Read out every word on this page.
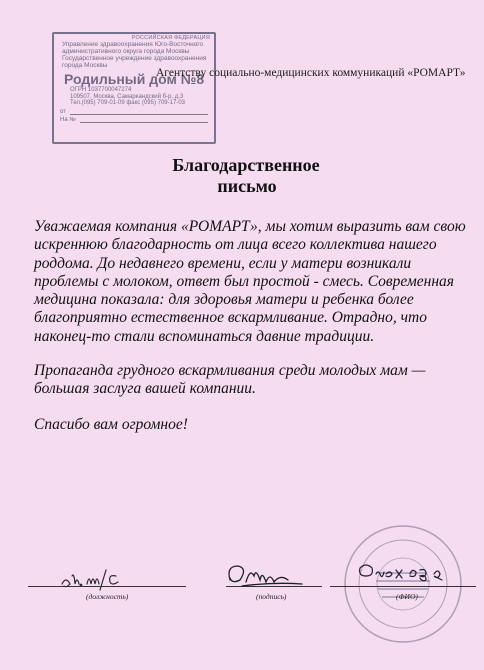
РОССИЙСКАЯ ФЕДЕРАЦИЯ
Управление здравоохранения Юго-Восточного
административного округа города Москвы
Государственное учреждение здравоохранения
города Москвы
Родильный дом №8
ОГРН 1037700047274
109507, Москва, Самаркандский б-р, д.3
Тел.(095) 709-01-09 факс (095) 709-17-03
от
На №
Агентству социально-медицинских коммуникаций «РОМАРТ»
Благодарственное
письмо

Уважаемая компания «РОМАРТ», мы хотим выразить вам свою искреннюю благодарность от лица всего коллектива нашего роддома. До недавнего времени, если у матери возникали проблемы с молоком, ответ был простой - смесь. Современная медицина показала: для здоровья матери и ребенка более благоприятно естественное вскармливание. Отрадно, что наконец-то стали вспоминаться давние традиции.

Пропаганда грудного вскармливания среди молодых мам — большая заслуга вашей компании.

Спасибо вам огромное!

(должность)	(подпись)	(ФИО)
